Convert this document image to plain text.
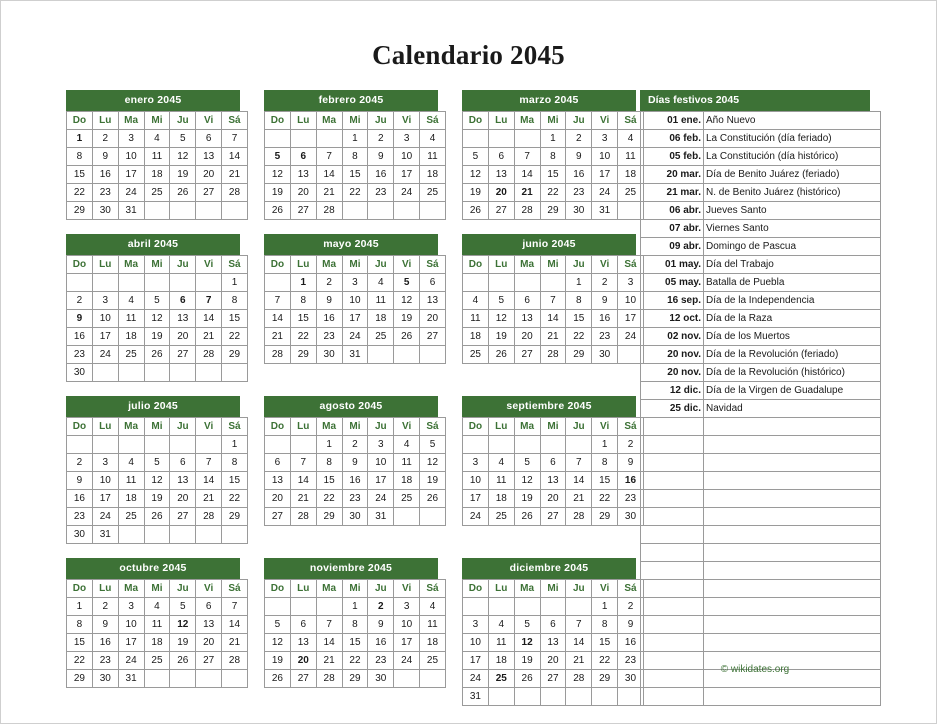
Calendario 2045
enero 2045
Do	Lu	Ma	Mi	Ju	Vi	Sá
1	2	3	4	5	6	7
8	9	10	11	12	13	14
15	16	17	18	19	20	21
22	23	24	25	26	27	28
29	30	31				
febrero 2045
Do	Lu	Ma	Mi	Ju	Vi	Sá
			1	2	3	4
5	6	7	8	9	10	11
12	13	14	15	16	17	18
19	20	21	22	23	24	25
26	27	28				
marzo 2045
Do	Lu	Ma	Mi	Ju	Vi	Sá
			1	2	3	4
5	6	7	8	9	10	11
12	13	14	15	16	17	18
19	20	21	22	23	24	25
26	27	28	29	30	31	
abril 2045
Do	Lu	Ma	Mi	Ju	Vi	Sá
						1
2	3	4	5	6	7	8
9	10	11	12	13	14	15
16	17	18	19	20	21	22
23	24	25	26	27	28	29
30						
mayo 2045
Do	Lu	Ma	Mi	Ju	Vi	Sá
	1	2	3	4	5	6
7	8	9	10	11	12	13
14	15	16	17	18	19	20
21	22	23	24	25	26	27
28	29	30	31			
junio 2045
Do	Lu	Ma	Mi	Ju	Vi	Sá
				1	2	3
4	5	6	7	8	9	10
11	12	13	14	15	16	17
18	19	20	21	22	23	24
25	26	27	28	29	30	
julio 2045
Do	Lu	Ma	Mi	Ju	Vi	Sá
						1
2	3	4	5	6	7	8
9	10	11	12	13	14	15
16	17	18	19	20	21	22
23	24	25	26	27	28	29
30	31					
agosto 2045
Do	Lu	Ma	Mi	Ju	Vi	Sá
		1	2	3	4	5
6	7	8	9	10	11	12
13	14	15	16	17	18	19
20	21	22	23	24	25	26
27	28	29	30	31		
septiembre 2045
Do	Lu	Ma	Mi	Ju	Vi	Sá
					1	2
3	4	5	6	7	8	9
10	11	12	13	14	15	16
17	18	19	20	21	22	23
24	25	26	27	28	29	30
octubre 2045
Do	Lu	Ma	Mi	Ju	Vi	Sá
1	2	3	4	5	6	7
8	9	10	11	12	13	14
15	16	17	18	19	20	21
22	23	24	25	26	27	28
29	30	31				
noviembre 2045
Do	Lu	Ma	Mi	Ju	Vi	Sá
			1	2	3	4
5	6	7	8	9	10	11
12	13	14	15	16	17	18
19	20	21	22	23	24	25
26	27	28	29	30		
diciembre 2045
Do	Lu	Ma	Mi	Ju	Vi	Sá
					1	2
3	4	5	6	7	8	9
10	11	12	13	14	15	16
17	18	19	20	21	22	23
24	25	26	27	28	29	30
31						
Días festivos 2045
01 ene.	Año Nuevo
06 feb.	La Constitución (día feriado)
05 feb.	La Constitución (día histórico)
20 mar.	Día de Benito Juárez (feriado)
21 mar.	N. de Benito Juárez (histórico)
06 abr.	Jueves Santo
07 abr.	Viernes Santo
09 abr.	Domingo de Pascua
01 may.	Día del Trabajo
05 may.	Batalla de Puebla
16 sep.	Día de la Independencia
12 oct.	Día de la Raza
02 nov.	Día de los Muertos
20 nov.	Día de la Revolución (feriado)
20 nov.	Día de la Revolución (histórico)
12 dic.	Día de la Virgen de Guadalupe
25 dic.	Navidad

© wikidates.org
